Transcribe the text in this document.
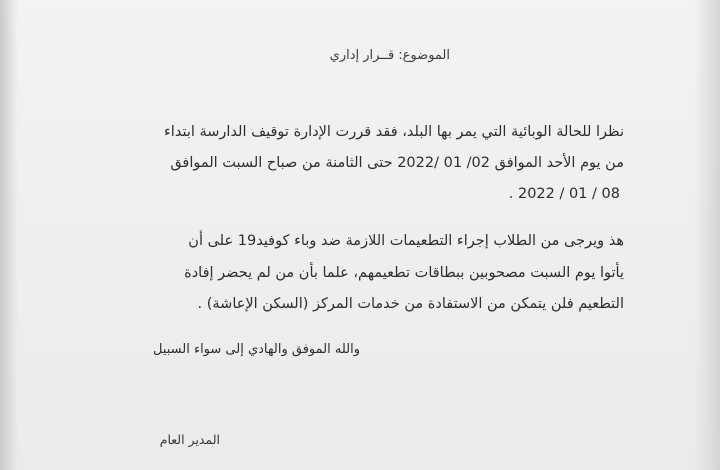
الموضوع: قــرار إداري
نظرا للحالة الوبائية التي يمر بها البلد، فقد قررت الإدارة توقيف الدارسة ابتداء
من يوم الأحد الموافق 02/ 01 /2022 حتى الثامنة من صباح السبت الموافق
08 / 01 / 2022 .
هذ ويرجى من الطلاب إجراء التطعيمات اللازمة ضد وباء كوفيد19 على أن
يأتوا يوم السبت مصحوبين ببطاقات تطعيمهم، علما بأن من لم يحضر إفادة
التطعيم فلن يتمكن من الاستفادة من خدمات المركز (السكن الإعاشة) .
والله الموفق والهادي إلى سواء السبيل
المدير العام
